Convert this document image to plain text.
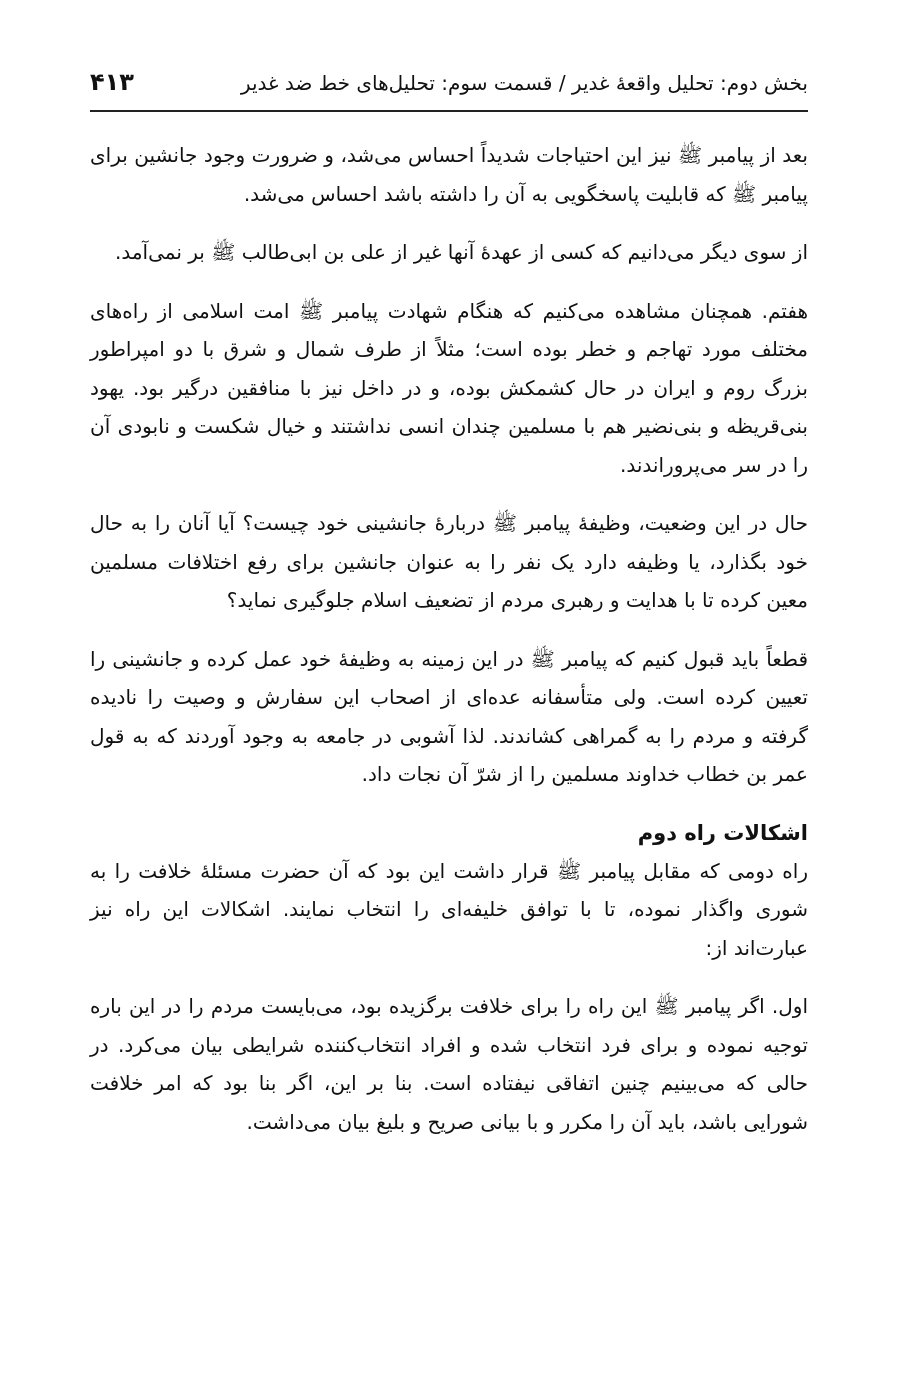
بخش دوم: تحلیل واقعۀ غدیر / قسمت سوم: تحلیل‌های خط ضد غدیر
۴۱۳

بعد از پیامبر ﷺ نیز این احتیاجات شدیداً احساس می‌شد، و ضرورت وجود جانشین برای پیامبر ﷺ که قابلیت پاسخگویی به آن را داشته باشد احساس می‌شد.

از سوی دیگر می‌دانیم که کسی از عهدۀ آنها غیر از علی بن ابی‌طالب ﷺ بر نمی‌آمد.

هفتم. همچنان مشاهده می‌کنیم که هنگام شهادت پیامبر ﷺ امت اسلامی از راه‌های مختلف مورد تهاجم و خطر بوده است؛ مثلاً از طرف شمال و شرق با دو امپراطور بزرگ روم و ایران در حال کشمکش بوده، و در داخل نیز با منافقین درگیر بود. یهود بنی‌قریظه و بنی‌نضیر هم با مسلمین چندان انسی نداشتند و خیال شکست و نابودی آن را در سر می‌پروراندند.

حال در این وضعیت، وظیفۀ پیامبر ﷺ دربارۀ جانشینی خود چیست؟ آیا آنان را به حال خود بگذارد، یا وظیفه دارد یک نفر را به عنوان جانشین برای رفع اختلافات مسلمین معین کرده تا با هدایت و رهبری مردم از تضعیف اسلام جلوگیری نماید؟

قطعاً باید قبول کنیم که پیامبر ﷺ در این زمینه به وظیفۀ خود عمل کرده و جانشینی را تعیین کرده است. ولی متأسفانه عده‌ای از اصحاب این سفارش و وصیت را نادیده گرفته و مردم را به گمراهی کشاندند. لذا آشوبی در جامعه به وجود آوردند که به قول عمر بن خطاب خداوند مسلمین را از شرّ آن نجات داد.

اشکالات راه دوم

راه دومی که مقابل پیامبر ﷺ قرار داشت این بود که آن حضرت مسئلۀ خلافت را به شوری واگذار نموده، تا با توافق خلیفه‌ای را انتخاب نمایند. اشکالات این راه نیز عبارت‌اند از:

اول. اگر پیامبر ﷺ این راه را برای خلافت برگزیده بود، می‌بایست مردم را در این باره توجیه نموده و برای فرد انتخاب شده و افراد انتخاب‌کننده شرایطی بیان می‌کرد. در حالی که می‌بینیم چنین اتفاقی نیفتاده است. بنا بر این، اگر بنا بود که امر خلافت شورایی باشد، باید آن را مکرر و با بیانی صریح و بلیغ بیان می‌داشت.
